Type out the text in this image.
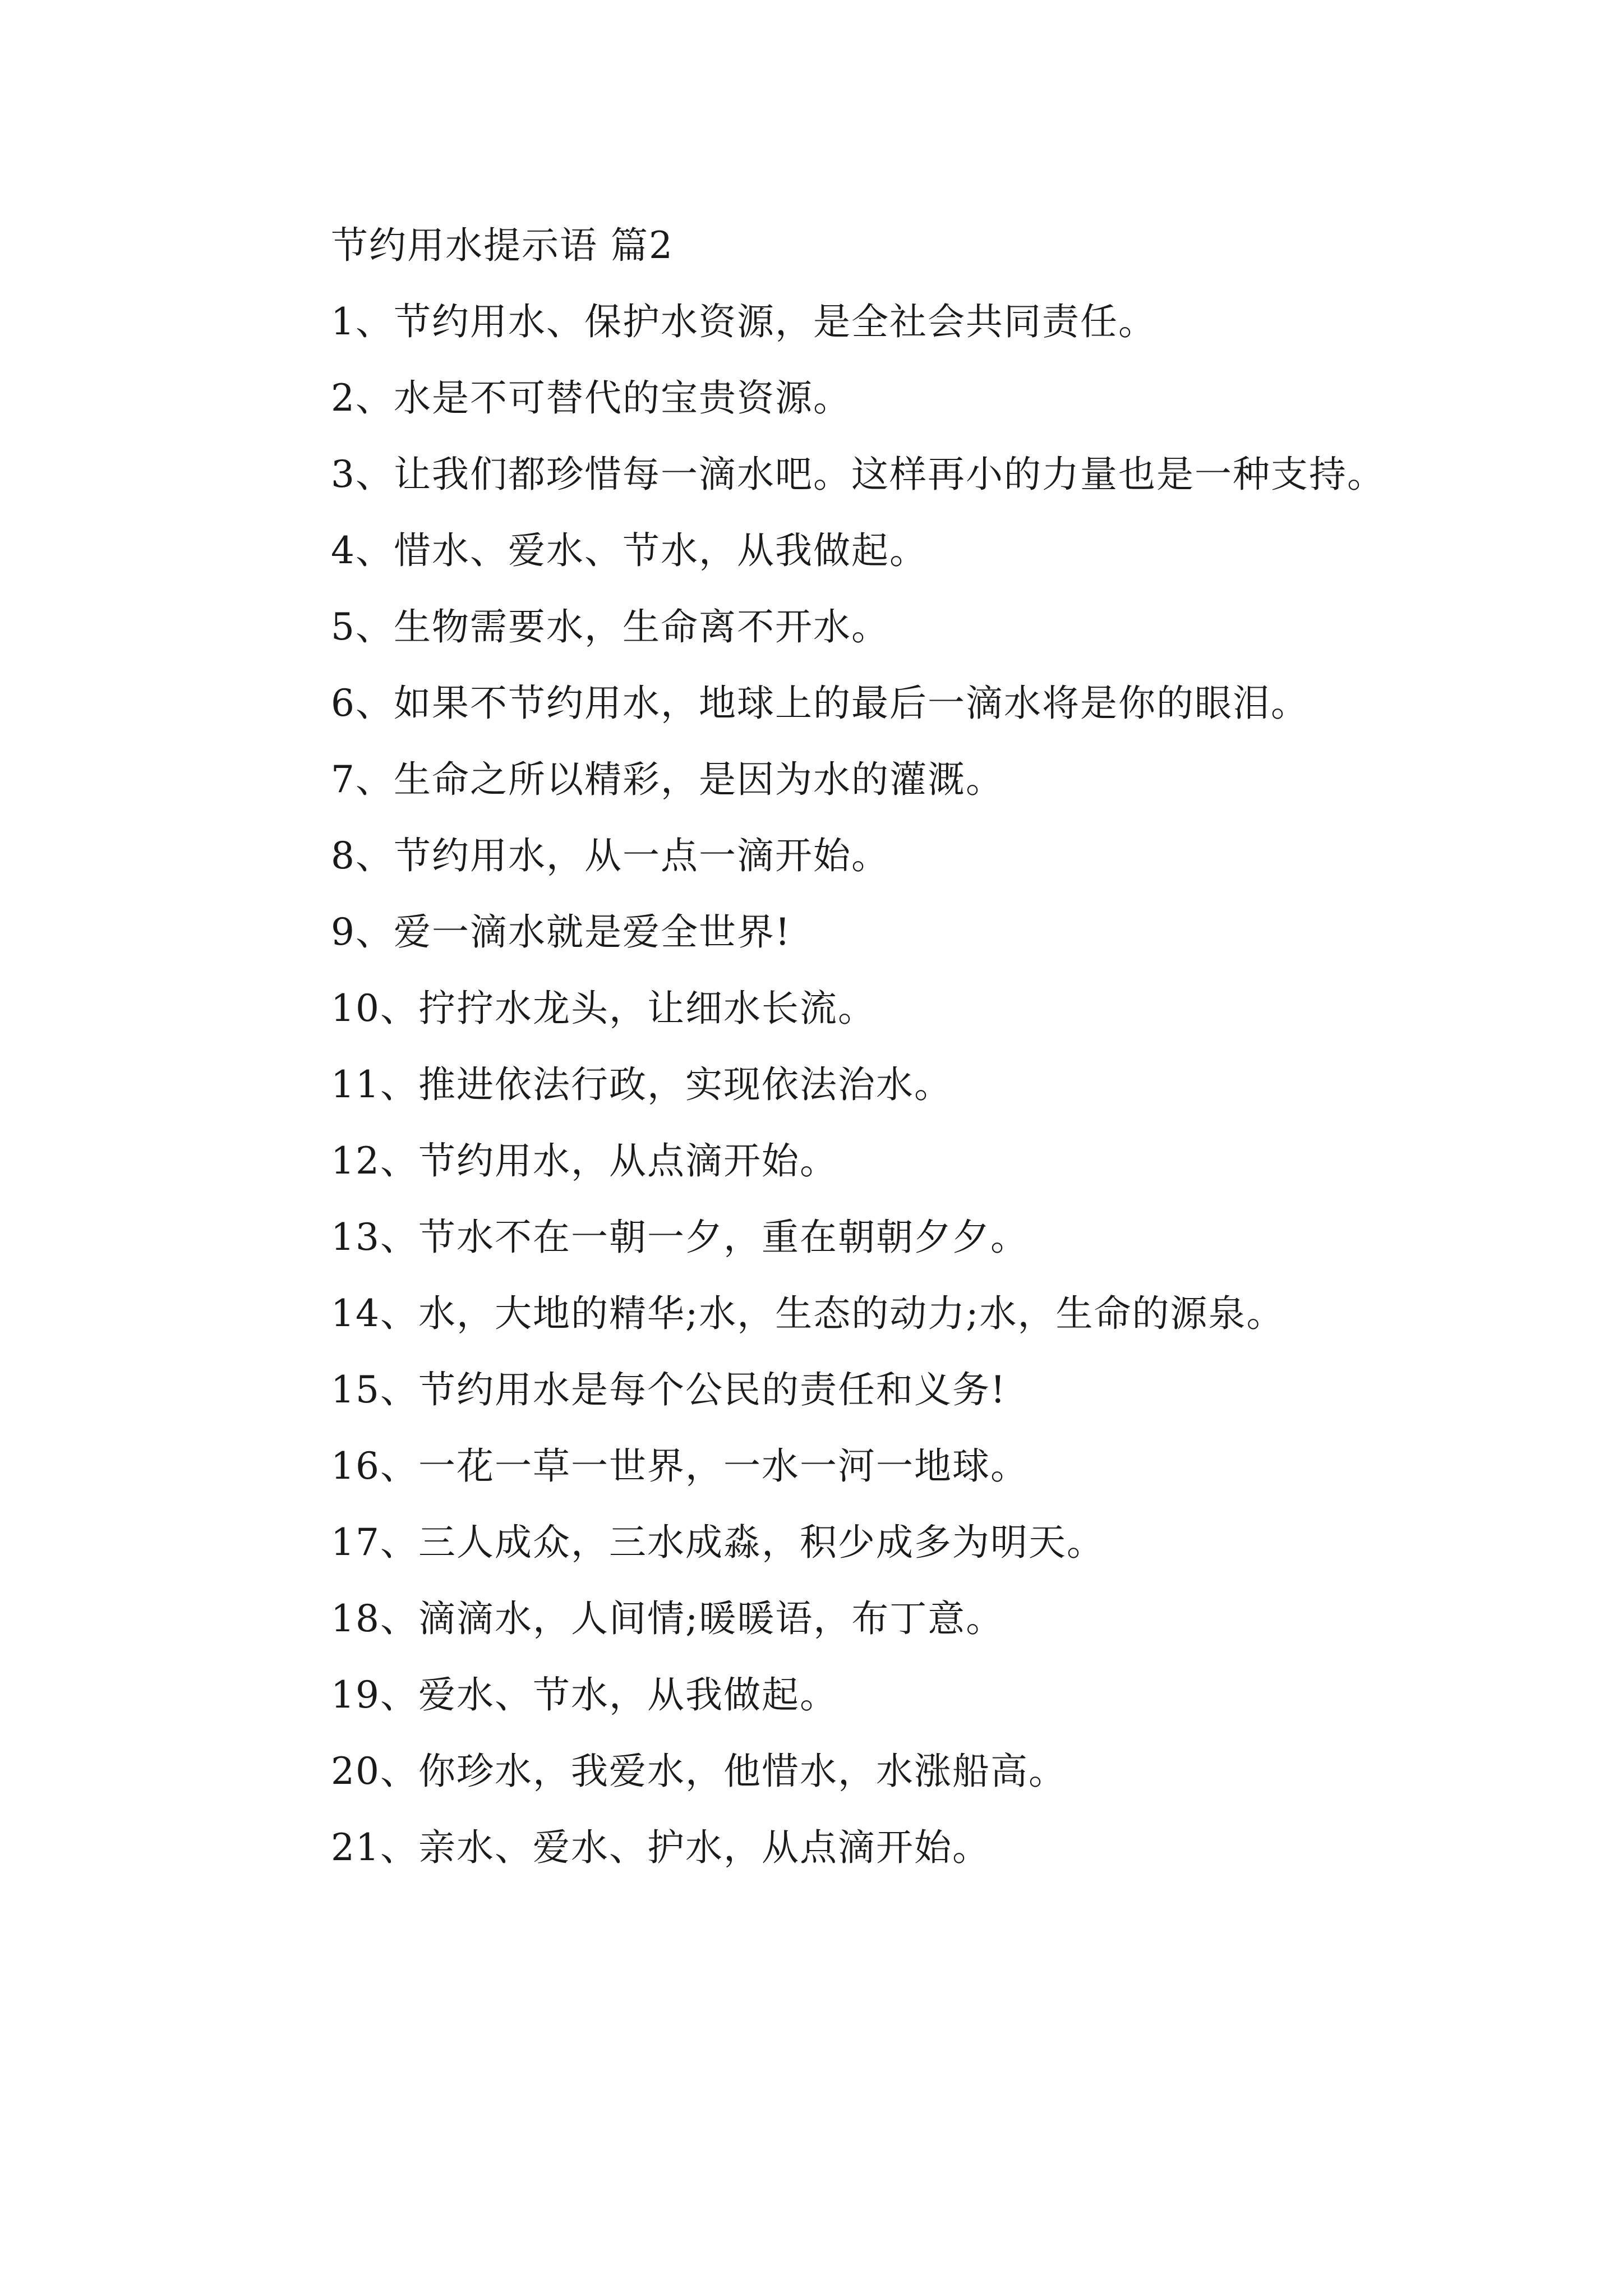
节约用水提示语 篇2

1、节约用水、保护水资源，是全社会共同责任。

2、水是不可替代的宝贵资源。

3、让我们都珍惜每一滴水吧。这样再小的力量也是一种支持。

4、惜水、爱水、节水，从我做起。

5、生物需要水，生命离不开水。

6、如果不节约用水，地球上的最后一滴水将是你的眼泪。

7、生命之所以精彩，是因为水的灌溉。

8、节约用水，从一点一滴开始。

9、爱一滴水就是爱全世界!

10、拧拧水龙头，让细水长流。

11、推进依法行政，实现依法治水。

12、节约用水，从点滴开始。

13、节水不在一朝一夕，重在朝朝夕夕。

14、水，大地的精华;水，生态的动力;水，生命的源泉。

15、节约用水是每个公民的责任和义务!

16、一花一草一世界，一水一河一地球。

17、三人成众，三水成淼，积少成多为明天。

18、滴滴水，人间情;暖暖语，布丁意。

19、爱水、节水，从我做起。

20、你珍水，我爱水，他惜水，水涨船高。

21、亲水、爱水、护水，从点滴开始。
